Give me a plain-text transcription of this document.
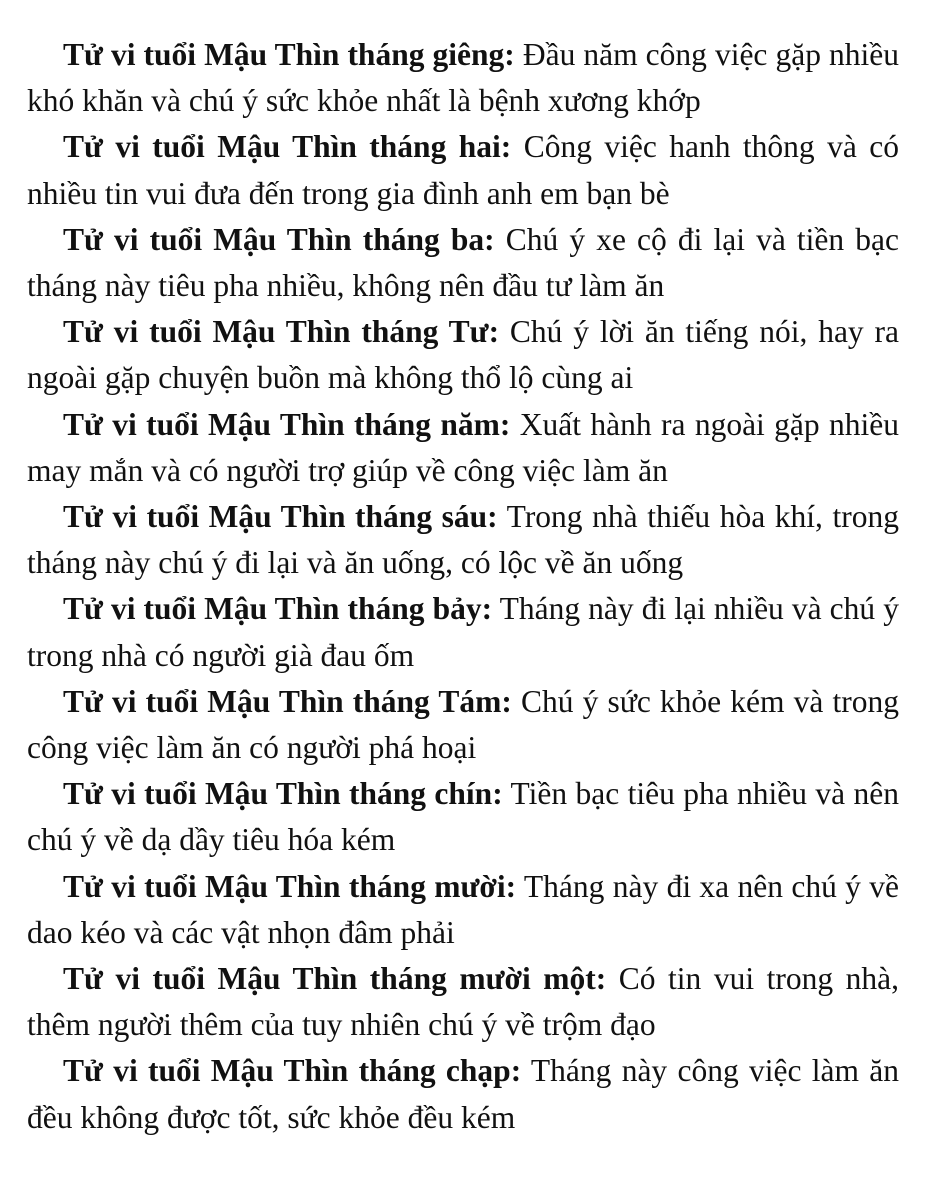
Tử vi tuổi Mậu Thìn tháng giêng: Đầu năm công việc gặp nhiều khó khăn và chú ý sức khỏe nhất là bệnh xương khớp

Tử vi tuổi Mậu Thìn tháng hai: Công việc hanh thông và có nhiều tin vui đưa đến trong gia đình anh em bạn bè

Tử vi tuổi Mậu Thìn tháng ba: Chú ý xe cộ đi lại và tiền bạc tháng này tiêu pha nhiều, không nên đầu tư làm ăn

Tử vi tuổi Mậu Thìn tháng Tư: Chú ý lời ăn tiếng nói, hay ra ngoài gặp chuyện buồn mà không thổ lộ cùng ai

Tử vi tuổi Mậu Thìn tháng năm: Xuất hành ra ngoài gặp nhiều may mắn và có người trợ giúp về công việc làm ăn

Tử vi tuổi Mậu Thìn tháng sáu: Trong nhà thiếu hòa khí, trong tháng này chú ý đi lại và ăn uống, có lộc về ăn uống

Tử vi tuổi Mậu Thìn tháng bảy: Tháng này đi lại nhiều và chú ý trong nhà có người già đau ốm

Tử vi tuổi Mậu Thìn tháng Tám: Chú ý sức khỏe kém và trong công việc làm ăn có người phá hoại

Tử vi tuổi Mậu Thìn tháng chín: Tiền bạc tiêu pha nhiều và nên chú ý về dạ dầy tiêu hóa kém

Tử vi tuổi Mậu Thìn tháng mười: Tháng này đi xa nên chú ý về dao kéo và các vật nhọn đâm phải

Tử vi tuổi Mậu Thìn tháng mười một: Có tin vui trong nhà, thêm người thêm của tuy nhiên chú ý về trộm đạo

Tử vi tuổi Mậu Thìn tháng chạp: Tháng này công việc làm ăn đều không được tốt, sức khỏe đều kém
